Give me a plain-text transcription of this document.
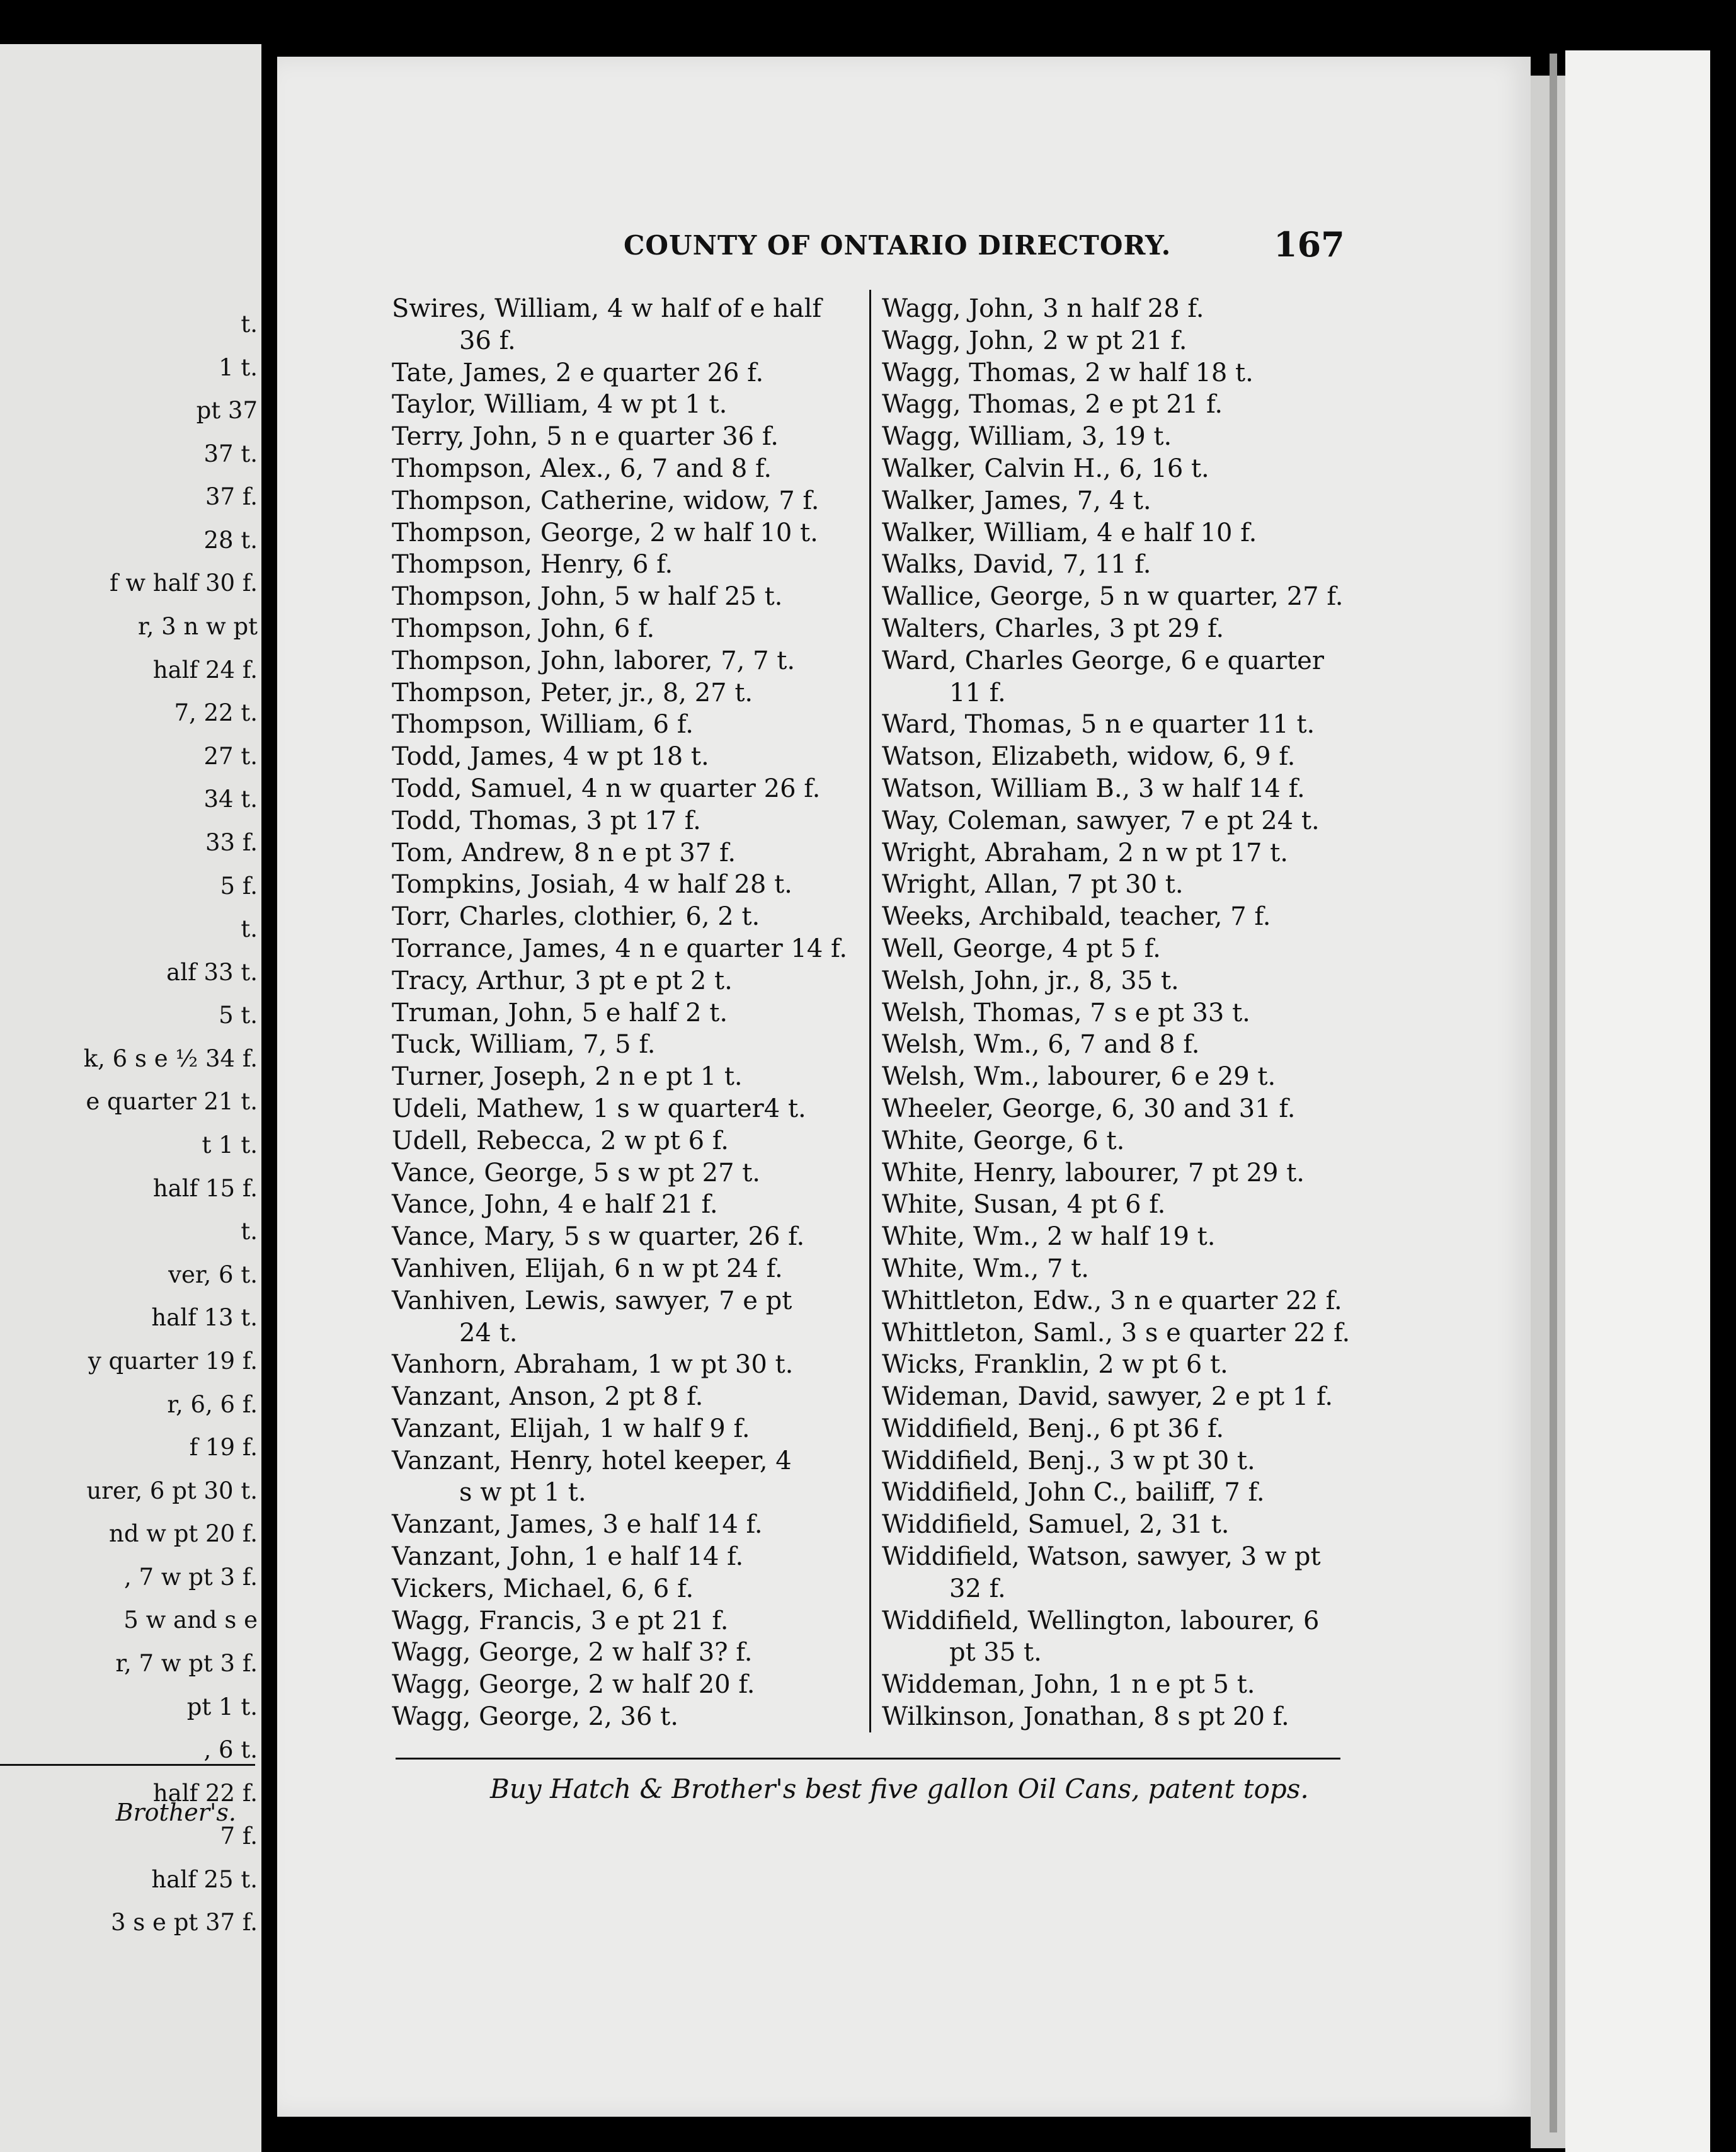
t.
1 t.
pt 37
37 t.
37 f.
28 t.
f w half 30 f.
r, 3 n w pt
half 24 f.
7, 22 t.
27 t.
34 t.
33 f.
5 f.
t.
alf 33 t.
5 t.
k, 6 s e ½ 34 f.
e quarter 21 t.
t 1 t.
half 15 f.
t.
ver, 6 t.
half 13 t.
y quarter 19 f.
r, 6, 6 f.
f 19 f.
urer, 6 pt 30 t.
nd w pt 20 f.
, 7 w pt 3 f.
5 w and s e
r, 7 w pt 3 f.
pt 1 t.
, 6 t.
half 22 f.
7 f.
half 25 t.
3 s e pt 37 f.
Brother's.
COUNTY OF ONTARIO DIRECTORY.	167
Swires, William, 4 w half of e half
36 f.
Tate, James, 2 e quarter 26 f.
Taylor, William, 4 w pt 1 t.
Terry, John, 5 n e quarter 36 f.
Thompson, Alex., 6, 7 and 8 f.
Thompson, Catherine, widow, 7 f.
Thompson, George, 2 w half 10 t.
Thompson, Henry, 6 f.
Thompson, John, 5 w half 25 t.
Thompson, John, 6 f.
Thompson, John, laborer, 7, 7 t.
Thompson, Peter, jr., 8, 27 t.
Thompson, William, 6 f.
Todd, James, 4 w pt 18 t.
Todd, Samuel, 4 n w quarter 26 f.
Todd, Thomas, 3 pt 17 f.
Tom, Andrew, 8 n e pt 37 f.
Tompkins, Josiah, 4 w half 28 t.
Torr, Charles, clothier, 6, 2 t.
Torrance, James, 4 n e quarter 14 f.
Tracy, Arthur, 3 pt e pt 2 t.
Truman, John, 5 e half 2 t.
Tuck, William, 7, 5 f.
Turner, Joseph, 2 n e pt 1 t.
Udeli, Mathew, 1 s w quarter4 t.
Udell, Rebecca, 2 w pt 6 f.
Vance, George, 5 s w pt 27 t.
Vance, John, 4 e half 21 f.
Vance, Mary, 5 s w quarter, 26 f.
Vanhiven, Elijah, 6 n w pt 24 f.
Vanhiven, Lewis, sawyer, 7 e pt
24 t.
Vanhorn, Abraham, 1 w pt 30 t.
Vanzant, Anson, 2 pt 8 f.
Vanzant, Elijah, 1 w half 9 f.
Vanzant, Henry, hotel keeper, 4
s w pt 1 t.
Vanzant, James, 3 e half 14 f.
Vanzant, John, 1 e half 14 f.
Vickers, Michael, 6, 6 f.
Wagg, Francis, 3 e pt 21 f.
Wagg, George, 2 w half 3? f.
Wagg, George, 2 w half 20 f.
Wagg, George, 2, 36 t.
Wagg, John, 3 n half 28 f.
Wagg, John, 2 w pt 21 f.
Wagg, Thomas, 2 w half 18 t.
Wagg, Thomas, 2 e pt 21 f.
Wagg, William, 3, 19 t.
Walker, Calvin H., 6, 16 t.
Walker, James, 7, 4 t.
Walker, William, 4 e half 10 f.
Walks, David, 7, 11 f.
Wallice, George, 5 n w quarter, 27 f.
Walters, Charles, 3 pt 29 f.
Ward, Charles George, 6 e quarter
11 f.
Ward, Thomas, 5 n e quarter 11 t.
Watson, Elizabeth, widow, 6, 9 f.
Watson, William B., 3 w half 14 f.
Way, Coleman, sawyer, 7 e pt 24 t.
Wright, Abraham, 2 n w pt 17 t.
Wright, Allan, 7 pt 30 t.
Weeks, Archibald, teacher, 7 f.
Well, George, 4 pt 5 f.
Welsh, John, jr., 8, 35 t.
Welsh, Thomas, 7 s e pt 33 t.
Welsh, Wm., 6, 7 and 8 f.
Welsh, Wm., labourer, 6 e 29 t.
Wheeler, George, 6, 30 and 31 f.
White, George, 6 t.
White, Henry, labourer, 7 pt 29 t.
White, Susan, 4 pt 6 f.
White, Wm., 2 w half 19 t.
White, Wm., 7 t.
Whittleton, Edw., 3 n e quarter 22 f.
Whittleton, Saml., 3 s e quarter 22 f.
Wicks, Franklin, 2 w pt 6 t.
Wideman, David, sawyer, 2 e pt 1 f.
Widdifield, Benj., 6 pt 36 f.
Widdifield, Benj., 3 w pt 30 t.
Widdifield, John C., bailiff, 7 f.
Widdifield, Samuel, 2, 31 t.
Widdifield, Watson, sawyer, 3 w pt
32 f.
Widdifield, Wellington, labourer, 6
pt 35 t.
Widdeman, John, 1 n e pt 5 t.
Wilkinson, Jonathan, 8 s pt 20 f.
Buy Hatch & Brother's best five gallon Oil Cans, patent tops.
